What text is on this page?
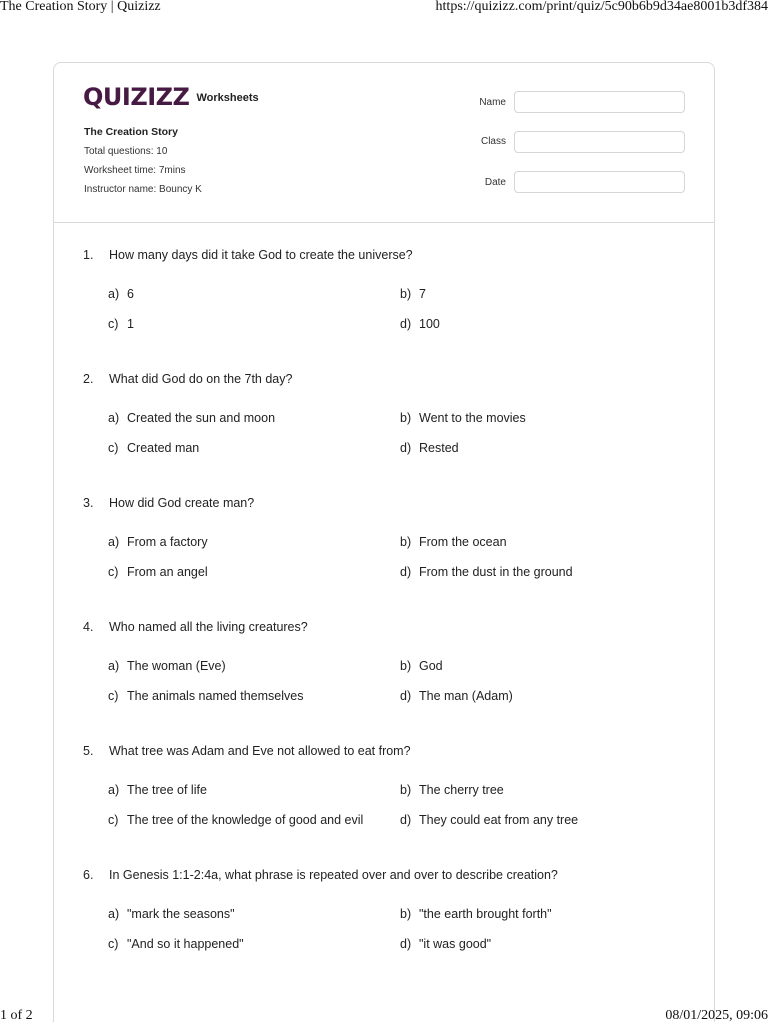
The Creation Story | Quizizz	https://quizizz.com/print/quiz/5c90b6b9d34ae8001b3df384
QUIZIZZ Worksheets
The Creation Story
Total questions: 10
Worksheet time: 7mins
Instructor name: Bouncy K
Name
Class
Date
1. How many days did it take God to create the universe?
a) 6	b) 7
c) 1	d) 100
2. What did God do on the 7th day?
a) Created the sun and moon	b) Went to the movies
c) Created man	d) Rested
3. How did God create man?
a) From a factory	b) From the ocean
c) From an angel	d) From the dust in the ground
4. Who named all the living creatures?
a) The woman (Eve)	b) God
c) The animals named themselves	d) The man (Adam)
5. What tree was Adam and Eve not allowed to eat from?
a) The tree of life	b) The cherry tree
c) The tree of the knowledge of good and evil	d) They could eat from any tree
6. In Genesis 1:1-2:4a, what phrase is repeated over and over to describe creation?
a) "mark the seasons"	b) "the earth brought forth"
c) "And so it happened"	d) "it was good"
1 of 2	08/01/2025, 09:06
